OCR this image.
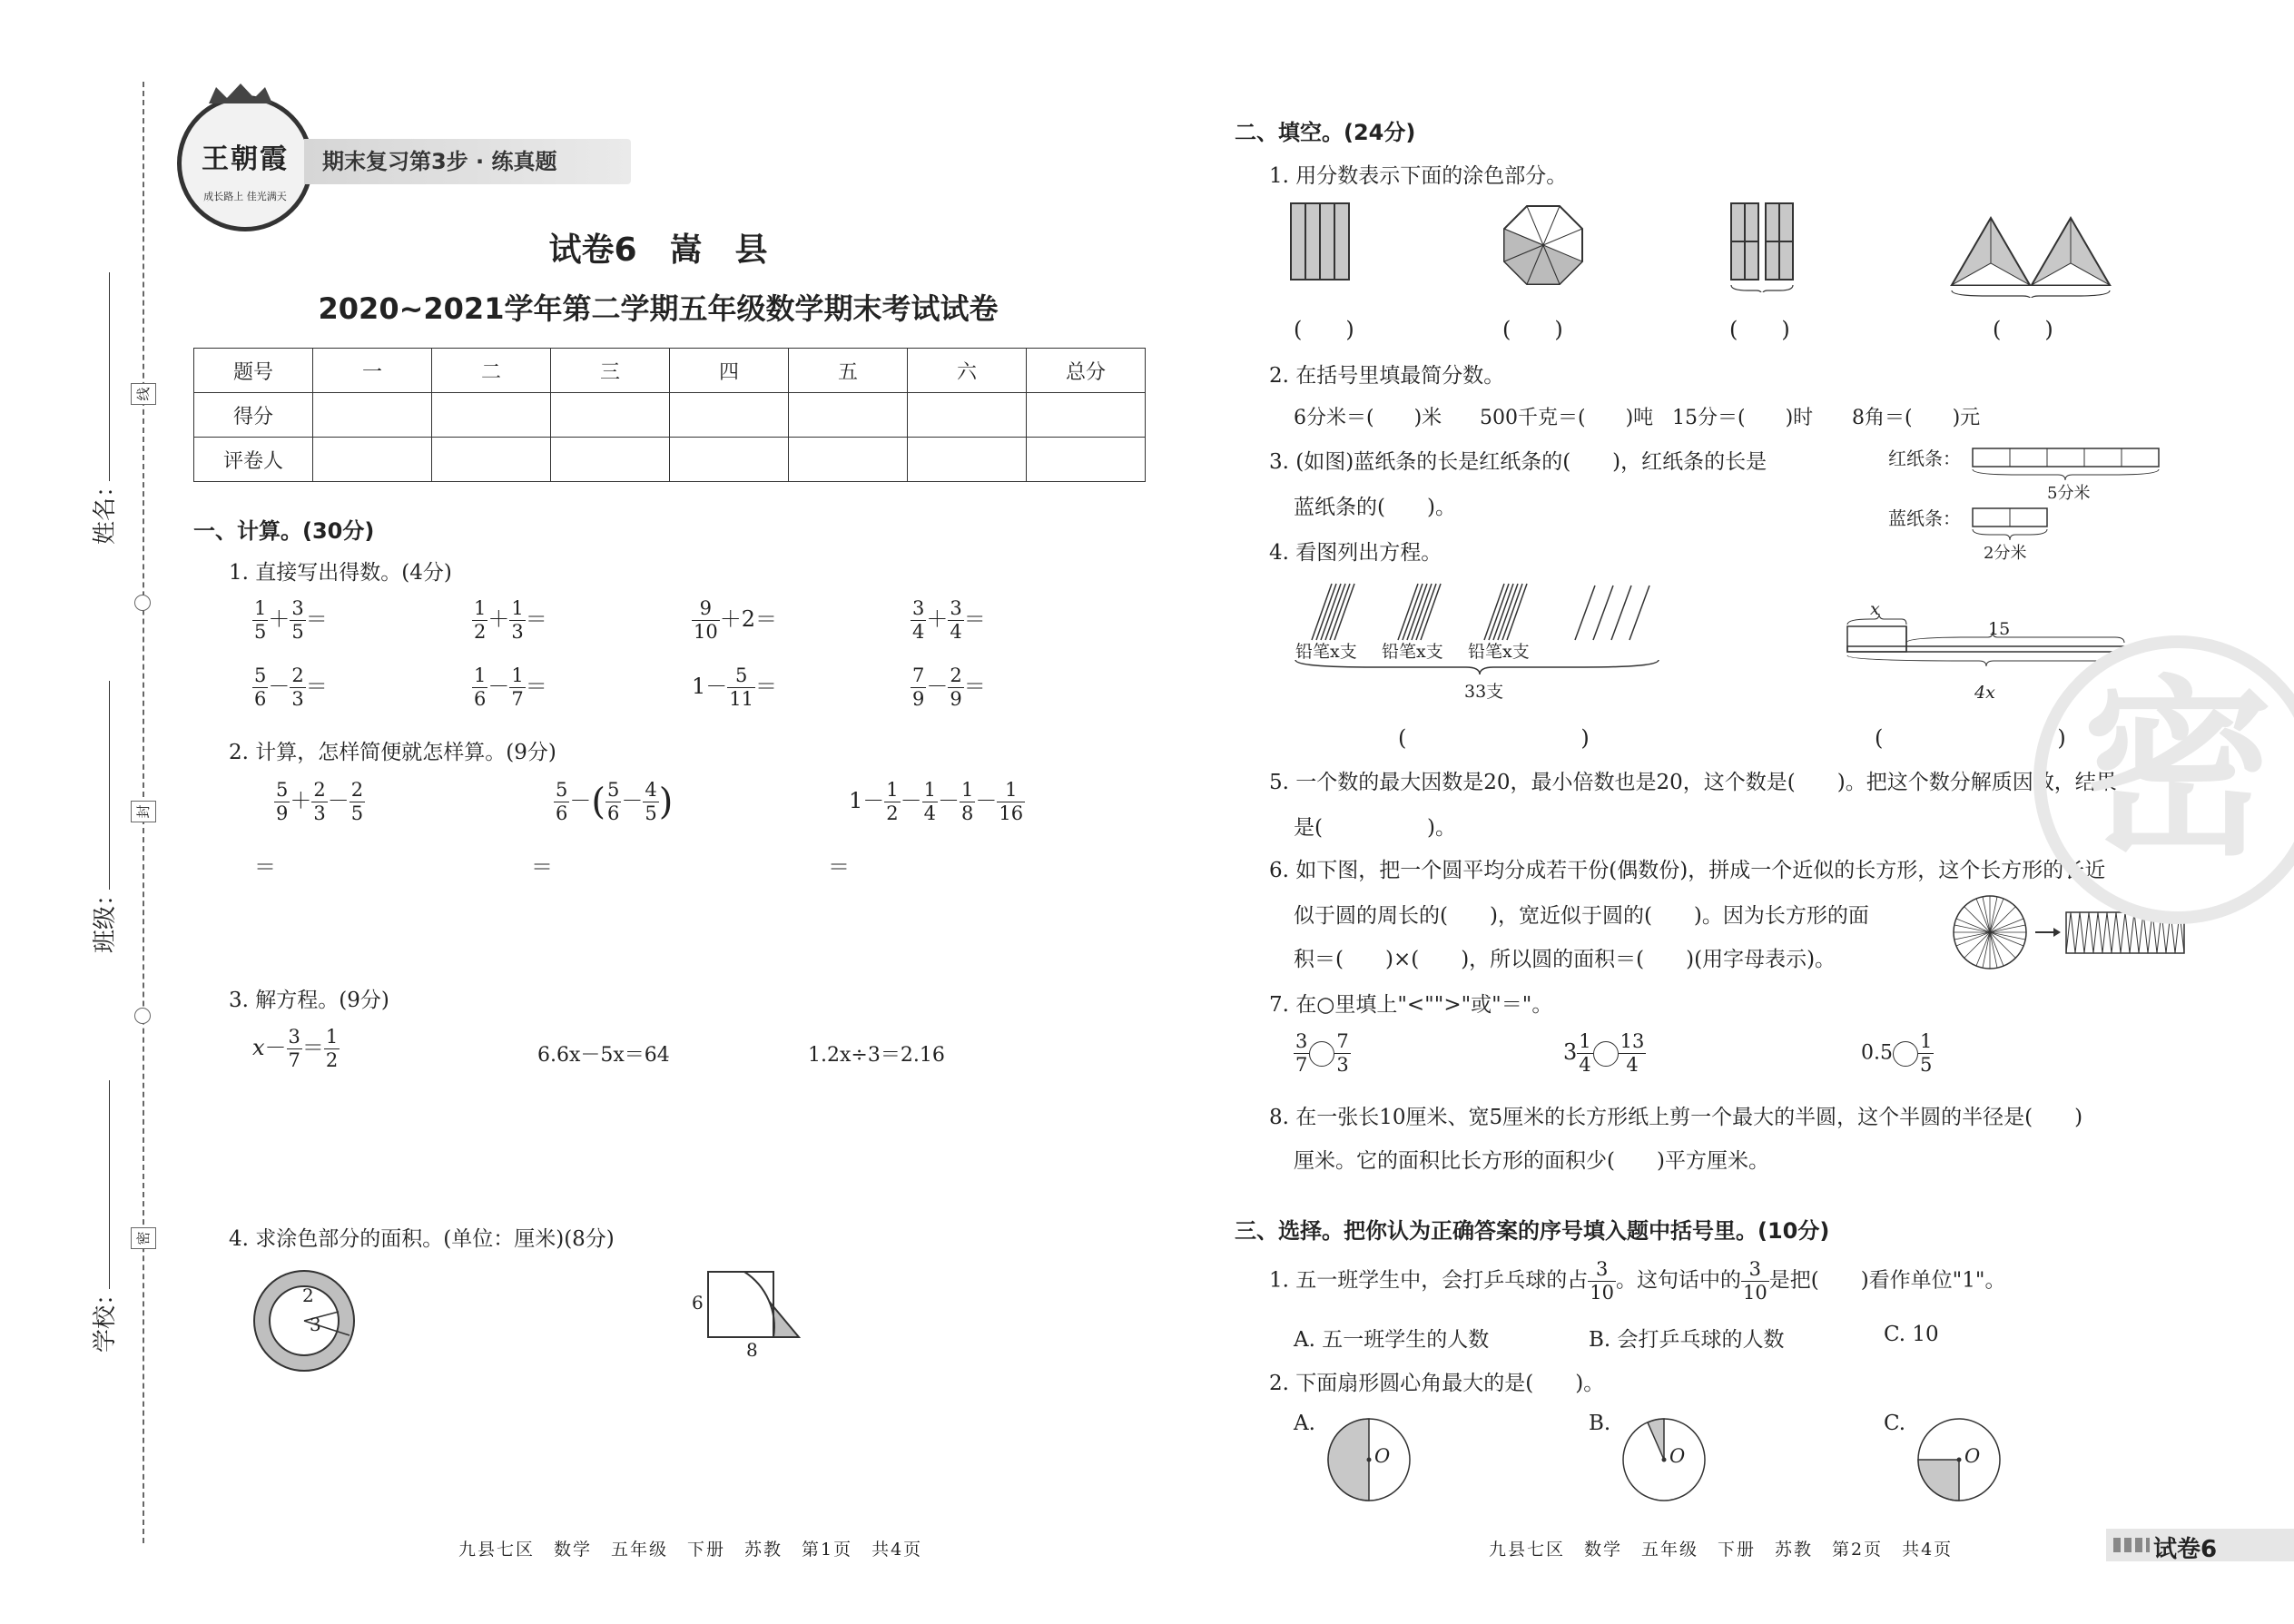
线
封
密
姓名：
班级：
学校：
王朝霞
成长路上 佳光满天
期末复习第3步 · 练真题
试卷6　嵩　县
2020~2021学年第二学期五年级数学期末考试试卷
题号	一	二	三	四	五	六	总分
得分							
评卷人							
一、计算。(30分)
1. 直接写出得数。(4分)
$\frac{1}{5} + \frac{3}{5}$ ＝	$\frac{1}{2} + \frac{1}{3}$ ＝	$\frac{9}{10} +2=$	$\frac{3}{4} + \frac{3}{4}$ ＝
$\frac{5}{6} - \frac{2}{3}$ ＝	$\frac{1}{6} - \frac{1}{7}$ ＝	$1- \frac{5}{11}$ ＝	$\frac{7}{9} - \frac{2}{9}$ ＝
2. 计算，怎样简便就怎样算。(9分)
$\frac{5}{9} + \frac{2}{3} - \frac{2}{5}$	$\frac{5}{6}$ －( $\frac{5}{6} - \frac{4}{5}$ )	$1- \frac{1}{2} - \frac{1}{4} - \frac{1}{8} - \frac{1}{16}$
＝	＝	＝
3. 解方程。(9分)
$x- \frac{3}{7} = \frac{1}{2}$	6.6x－5x＝64	1.2x÷3＝2.16
4. 求涂色部分的面积。(单位：厘米)(8分)
2
3
6
8
九县七区　数学　五年级　下册　苏教　第1页　共4页
二、填空。(24分)
1. 用分数表示下面的涂色部分。
(　　)	(　　)	(　　)	(　　)
2. 在括号里填最简分数。
6分米＝(　　)米 500千克＝(　　)吨 15分＝(　　)时 8角＝(　　)元
3. (如图)蓝纸条的长是红纸条的(　　)，红纸条的长是
蓝纸条的(　　)。
红纸条：
5分米
蓝纸条：
2分米
4. 看图列出方程。
铅笔x支 铅笔x支 铅笔x支
33支
x
15
4x
(　　　　　　　　)	(　　　　　　　　)
5. 一个数的最大因数是20，最小倍数也是20，这个数是(　　)。把这个数分解质因数，结果
是(　　　　　)。
6. 如下图，把一个圆平均分成若干份(偶数份)，拼成一个近似的长方形，这个长方形的长近
似于圆的周长的(　　)，宽近似于圆的(　　)。因为长方形的面
积＝(　　)×(　　)，所以圆的面积＝(　　)(用字母表示)。
7. 在○里填上"<"">"或"＝"。
$\frac{3}{7} \frac{7}{3}$	$3 \frac{1}{4} \frac{13}{4}$	$0.5 \frac{1}{5}$
8. 在一张长10厘米、宽5厘米的长方形纸上剪一个最大的半圆，这个半圆的半径是(　　)
厘米。它的面积比长方形的面积少(　　)平方厘米。
三、选择。把你认为正确答案的序号填入题中括号里。(10分)
1. 五一班学生中，会打乒乓球的占 $\frac{3}{10}$ 。这句话中的 $\frac{3}{10}$ 是把(　　)看作单位"1"。
A. 五一班学生的人数	B. 会打乒乓球的人数	C. 10
2. 下面扇形圆心角最大的是(　　)。
A.
O
B.
O
C.
O
九县七区　数学　五年级　下册　苏教　第2页　共4页	试卷6
密
